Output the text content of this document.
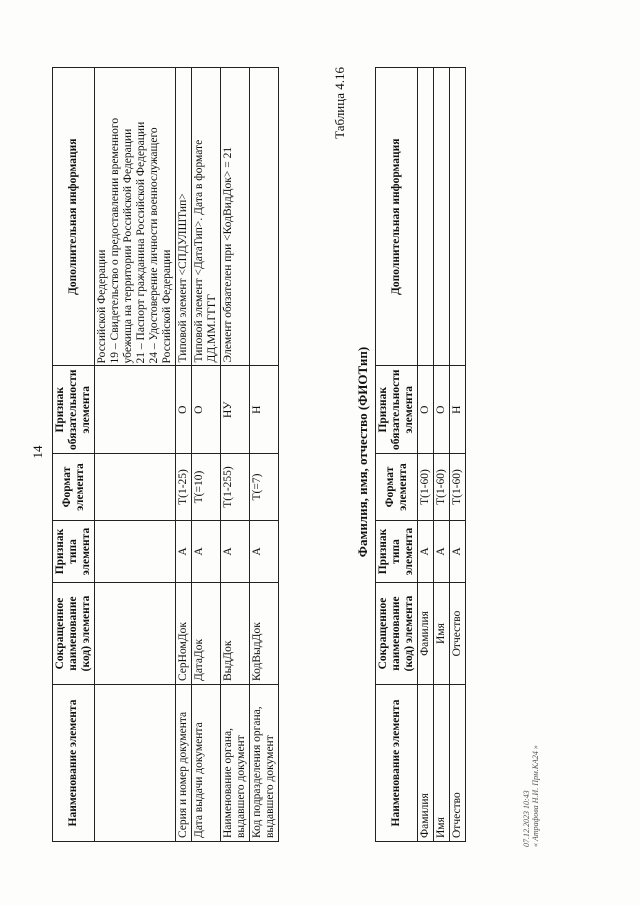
14
Наименование элемента	Сокращенное наименование (код) элемента	Признак типа элемента	Формат элемента	Признак обязательности элемента	Дополнительная информация

					Российской Федерации 19 – Свидетельство о предоставлении временного убежища на территории Российской Федерации 21 – Паспорт гражданина Российской Федерации 24 – Удостоверение личности военнослужащего Российской Федерации

Серия и номер документа	СерНомДок	А	T(1-25)	О	Типовой элемент <СПДУЛШТип>
Дата выдачи документа	ДатаДок	А	T(=10)	О	Типовой элемент <ДатаТип>. Дата в формате ДД.ММ.ГГГГ
Наименование органа, выдавшего документ	ВыдДок	А	T(1-255)	НУ	Элемент обязателен при <КодВидДок> = 21
Код подразделения органа, выдавшего документ	КодВыдДок	А	T(=7)	Н	
Таблица 4.16
Фамилия, имя, отчество (ФИОТип)
Наименование элемента	Сокращенное наименование (код) элемента	Признак типа элемента	Формат элемента	Признак обязательности элемента	Дополнительная информация
Фамилия	Фамилия	А	T(1-60)	О	
Имя	Имя	А	T(1-60)	О	
Отчество	Отчество	А	T(1-60)	Н	
07.12.2023 10:43 « Атрафова Н.И. Прм.КА24 »
